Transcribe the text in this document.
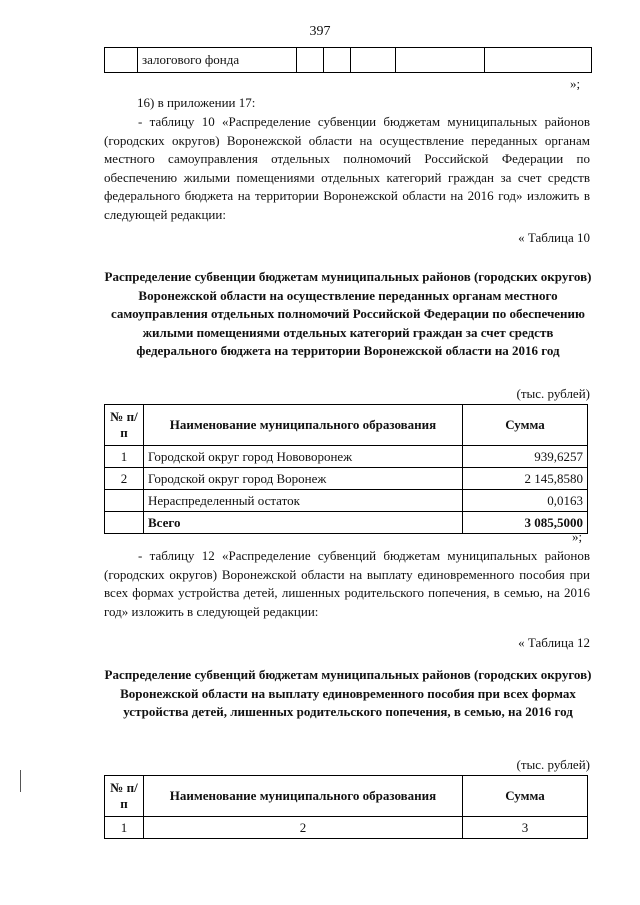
397
	залогового фонда					
»;

16) в приложении 17:

- таблицу 10 «Распределение субвенции бюджетам муниципальных районов (городских округов) Воронежской области на осуществление переданных органам местного самоуправления отдельных полномочий Российской Федерации по обеспечению жилыми помещениями отдельных категорий граждан за счет средств федерального бюджета на территории Воронежской области на 2016 год» изложить в следующей редакции:

« Таблица 10

Распределение субвенции бюджетам муниципальных районов (городских округов) Воронежской области на осуществление переданных органам местного самоуправления отдельных полномочий Российской Федерации по обеспечению жилыми помещениями отдельных категорий граждан за счет средств федерального бюджета на территории Воронежской области на 2016 год

(тыс. рублей)
№ п/п	Наименование муниципального образования	Сумма
1	Городской округ город Нововоронеж	939,6257
2	Городской округ город Воронеж	2 145,8580
	Нераспределенный остаток	0,0163
	Всего	3 085,5000
»;

- таблицу 12 «Распределение субвенций бюджетам муниципальных районов (городских округов) Воронежской области на выплату единовременного пособия при всех формах устройства детей, лишенных родительского попечения, в семью, на 2016 год» изложить в следующей редакции:

« Таблица 12

Распределение субвенций бюджетам муниципальных районов (городских округов) Воронежской области на выплату единовременного пособия при всех формах устройства детей, лишенных родительского попечения, в семью, на 2016 год

(тыс. рублей)
№ п/п	Наименование муниципального образования	Сумма
1	2	3
